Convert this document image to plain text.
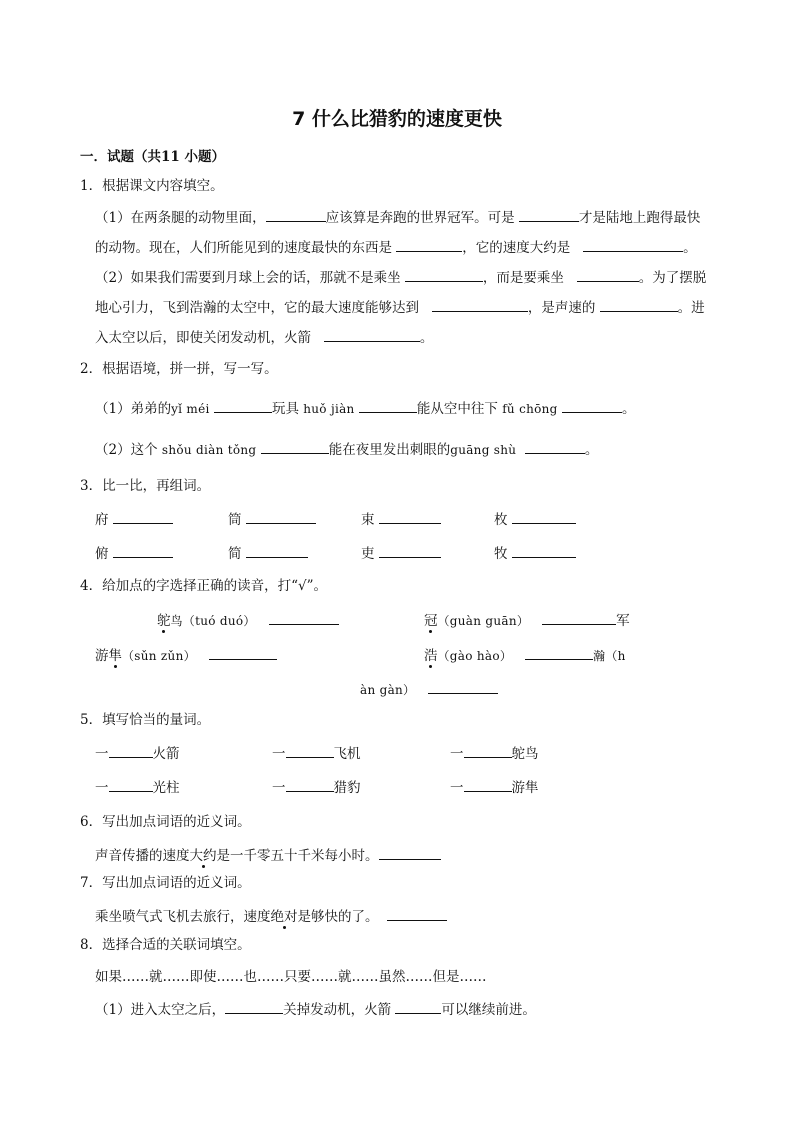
7 什么比猎豹的速度更快
一．试题（共11 小题）
1．根据课文内容填空。
（1）在两条腿的动物里面，	应该算是奔跑的世界冠军。可是	才是陆地上跑得最快
的动物。现在，人们所能见到的速度最快的东西是	，它的速度大约是	。
（2）如果我们需要到月球上会的话，那就不是乘坐	，而是要乘坐	。为了摆脱
地心引力，飞到浩瀚的太空中，它的最大速度能够达到	，是声速的	。进
入太空以后，即使关闭发动机，火箭	。
2．根据语境，拼一拼，写一写。
（1）弟弟的yǐ méi	玩具 huǒ jiàn	能从空中往下 fǔ chōng	。
（2）这个 shǒu diàn tǒng	能在夜里发出刺眼的guāng shù	。
3．比一比，再组词。
府	筒	束	枚
俯	简	吏	牧
4．给加点的字选择正确的读音，打“√”。
鸵鸟（tuó duó）	冠（guàn guān）	军
游隼（sǔn zǔn）	浩（gào hào）	瀚（h
àn gàn）
5．填写恰当的量词。
一	火箭	一	飞机	一	鸵鸟
一	光柱	一	猎豹	一	游隼
6．写出加点词语的近义词。
声音传播的速度大约是一千零五十千米每小时。
7．写出加点词语的近义词。
乘坐喷气式飞机去旅行，速度绝对是够快的了。
8．选择合适的关联词填空。
如果……就……即使……也……只要……就……虽然……但是……
（1）进入太空之后，	关掉发动机，火箭	可以继续前进。
